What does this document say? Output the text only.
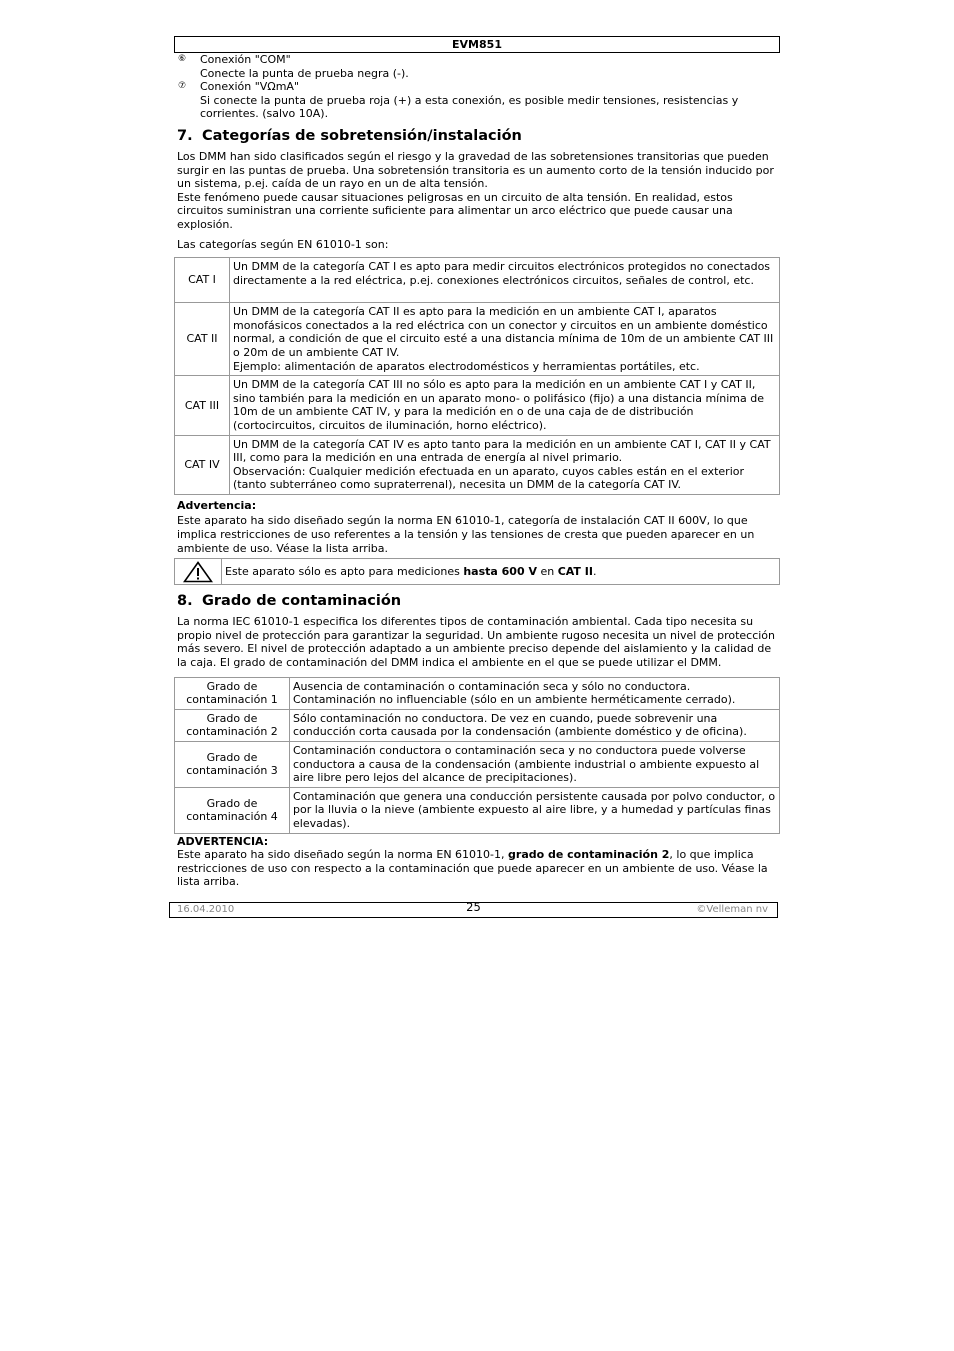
EVM851
⑥	Conexión "COM"
Conecte la punta de prueba negra (-).
⑦	Conexión "VΩmA"
Si conecte la punta de prueba roja (+) a esta conexión, es posible medir tensiones, resistencias y corrientes. (salvo 10A).
7. Categorías de sobretensión/instalación

Los DMM han sido clasificados según el riesgo y la gravedad de las sobretensiones transitorias que pueden surgir en las puntas de prueba. Una sobretensión transitoria es un aumento corto de la tensión inducido por un sistema, p.ej. caída de un rayo en un de alta tensión.

Este fenómeno puede causar situaciones peligrosas en un circuito de alta tensión. En realidad, estos circuitos suministran una corriente suficiente para alimentar un arco eléctrico que puede causar una explosión.

Las categorías según EN 61010-1 son:

CAT I	Un DMM de la categoría CAT I es apto para medir circuitos electrónicos protegidos no conectados directamente a la red eléctrica, p.ej. conexiones electrónicos circuitos, señales de control, etc.
CAT II	Un DMM de la categoría CAT II es apto para la medición en un ambiente CAT I, aparatos monofásicos conectados a la red eléctrica con un conector y circuitos en un ambiente doméstico normal, a condición de que el circuito esté a una distancia mínima de 10m de un ambiente CAT III o 20m de un ambiente CAT IV.
Ejemplo: alimentación de aparatos electrodomésticos y herramientas portátiles, etc.

CAT III	Un DMM de la categoría CAT III no sólo es apto para la medición en un ambiente CAT I y CAT II, sino también para la medición en un aparato mono- o polifásico (fijo) a una distancia mínima de 10m de un ambiente CAT IV, y para la medición en o de una caja de de distribución (cortocircuitos, circuitos de iluminación, horno eléctrico).
CAT IV	Un DMM de la categoría CAT IV es apto tanto para la medición en un ambiente CAT I, CAT II y CAT III, como para la medición en una entrada de energía al nivel primario.
Observación: Cualquier medición efectuada en un aparato, cuyos cables están en el exterior (tanto subterráneo como supraterrenal), necesita un DMM de la categoría CAT IV.

Advertencia:

Este aparato ha sido diseñado según la norma EN 61010-1, categoría de instalación CAT II 600V, lo que implica restricciones de uso referentes a la tensión y las tensiones de cresta que pueden aparecer en un ambiente de uso. Véase la lista arriba.

Este aparato sólo es apto para mediciones hasta 600 V en CAT II.
8. Grado de contaminación

La norma IEC 61010-1 especifica los diferentes tipos de contaminación ambiental. Cada tipo necesita su propio nivel de protección para garantizar la seguridad. Un ambiente rugoso necesita un nivel de protección más severo. El nivel de protección adaptado a un ambiente preciso depende del aislamiento y la calidad de la caja. El grado de contaminación del DMM indica el ambiente en el que se puede utilizar el DMM.

Grado de contaminación 1	Ausencia de contaminación o contaminación seca y sólo no conductora. Contaminación no influenciable (sólo en un ambiente herméticamente cerrado).
Grado de contaminación 2	Sólo contaminación no conductora. De vez en cuando, puede sobrevenir una conducción corta causada por la condensación (ambiente doméstico y de oficina).
Grado de contaminación 3	Contaminación conductora o contaminación seca y no conductora puede volverse conductora a causa de la condensación (ambiente industrial o ambiente expuesto al aire libre pero lejos del alcance de precipitaciones).
Grado de contaminación 4	Contaminación que genera una conducción persistente causada por polvo conductor, o por la lluvia o la nieve (ambiente expuesto al aire libre, y a humedad y partículas finas elevadas).

ADVERTENCIA:

Este aparato ha sido diseñado según la norma EN 61010-1, grado de contaminación 2, lo que implica restricciones de uso con respecto a la contaminación que puede aparecer en un ambiente de uso. Véase la lista arriba.

16.04.2010	25	©Velleman nv
